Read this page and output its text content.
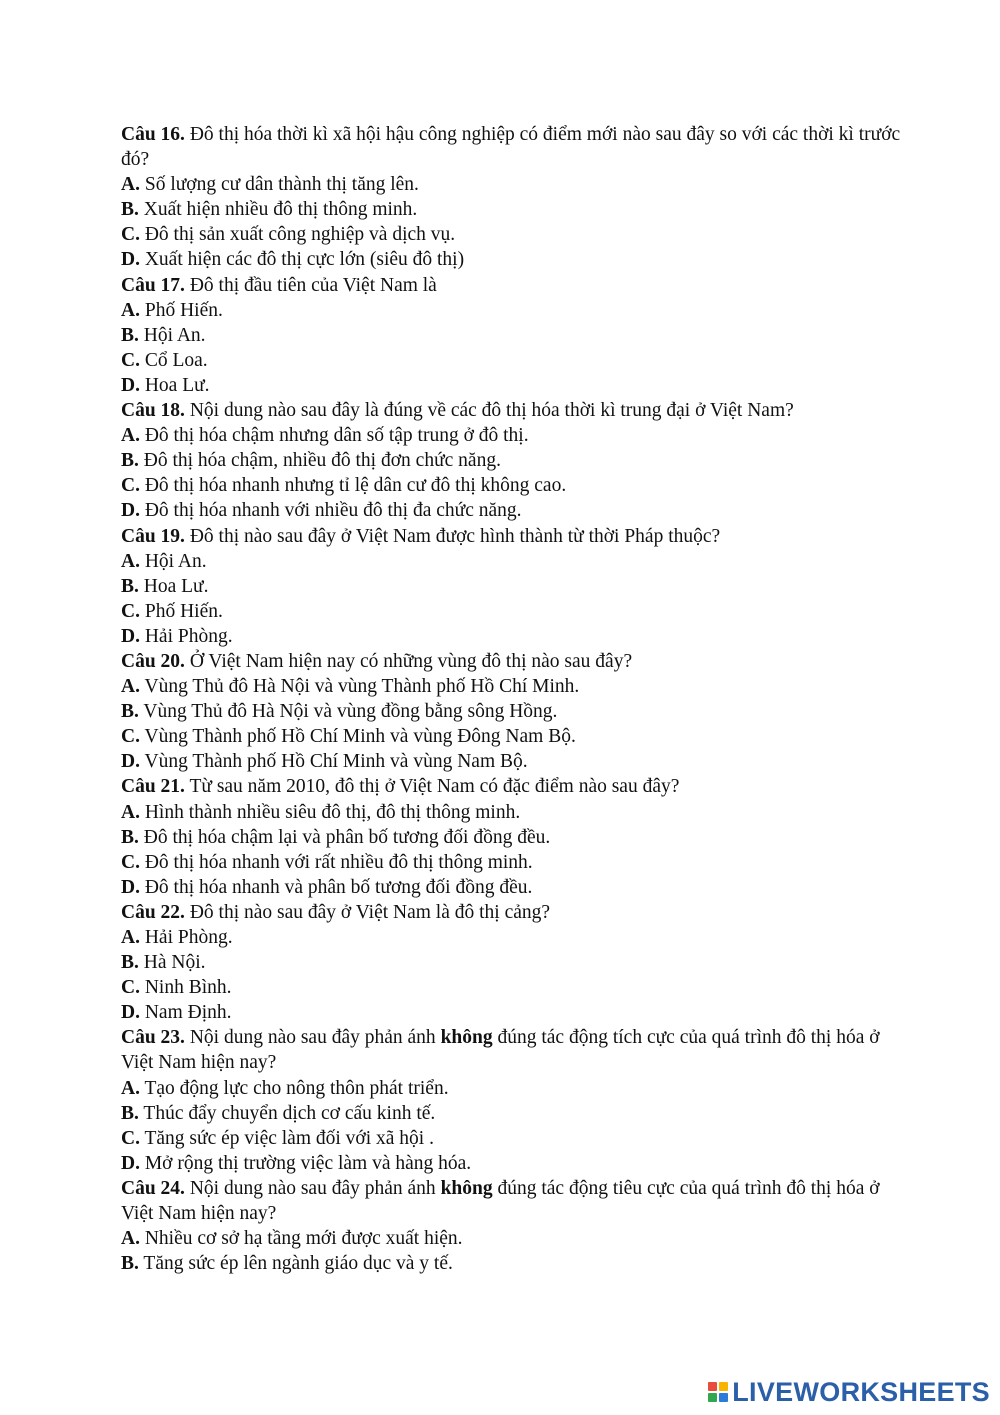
Câu 16. Đô thị hóa thời kì xã hội hậu công nghiệp có điểm mới nào sau đây so với các thời kì trước đó?
A. Số lượng cư dân thành thị tăng lên.
B. Xuất hiện nhiều đô thị thông minh.
C. Đô thị sản xuất công nghiệp và dịch vụ.
D. Xuất hiện các đô thị cực lớn (siêu đô thị)
Câu 17. Đô thị đầu tiên của Việt Nam là
A. Phố Hiến.
B. Hội An.
C. Cổ Loa.
D. Hoa Lư.
Câu 18. Nội dung nào sau đây là đúng về các đô thị hóa thời kì trung đại ở Việt Nam?
A. Đô thị hóa chậm nhưng dân số tập trung ở đô thị.
B. Đô thị hóa chậm, nhiều đô thị đơn chức năng.
C. Đô thị hóa nhanh nhưng tỉ lệ dân cư đô thị không cao.
D. Đô thị hóa nhanh với nhiều đô thị đa chức năng.
Câu 19. Đô thị nào sau đây ở Việt Nam được hình thành từ thời Pháp thuộc?
A. Hội An.
B. Hoa Lư.
C. Phố Hiến.
D. Hải Phòng.
Câu 20. Ở Việt Nam hiện nay có những vùng đô thị nào sau đây?
A. Vùng Thủ đô Hà Nội và vùng Thành phố Hồ Chí Minh.
B. Vùng Thủ đô Hà Nội và vùng đồng bằng sông Hồng.
C. Vùng Thành phố Hồ Chí Minh và vùng Đông Nam Bộ.
D. Vùng Thành phố Hồ Chí Minh và vùng Nam Bộ.
Câu 21. Từ sau năm 2010, đô thị ở Việt Nam có đặc điểm nào sau đây?
A. Hình thành nhiều siêu đô thị, đô thị thông minh.
B. Đô thị hóa chậm lại và phân bố tương đối đồng đều.
C. Đô thị hóa nhanh với rất nhiều đô thị thông minh.
D. Đô thị hóa nhanh và phân bố tương đối đồng đều.
Câu 22. Đô thị nào sau đây ở Việt Nam là đô thị cảng?
A. Hải Phòng.
B. Hà Nội.
C. Ninh Bình.
D. Nam Định.
Câu 23. Nội dung nào sau đây phản ánh không đúng tác động tích cực của quá trình đô thị hóa ở Việt Nam hiện nay?
A. Tạo động lực cho nông thôn phát triển.
B. Thúc đẩy chuyển dịch cơ cấu kinh tế.
C. Tăng sức ép việc làm đối với xã hội .
D. Mở rộng thị trường việc làm và hàng hóa.
Câu 24. Nội dung nào sau đây phản ánh không đúng tác động tiêu cực của quá trình đô thị hóa ở Việt Nam hiện nay?
A. Nhiều cơ sở hạ tầng mới được xuất hiện.
B. Tăng sức ép lên ngành giáo dục và y tế.
LIVEWORKSHEETS
